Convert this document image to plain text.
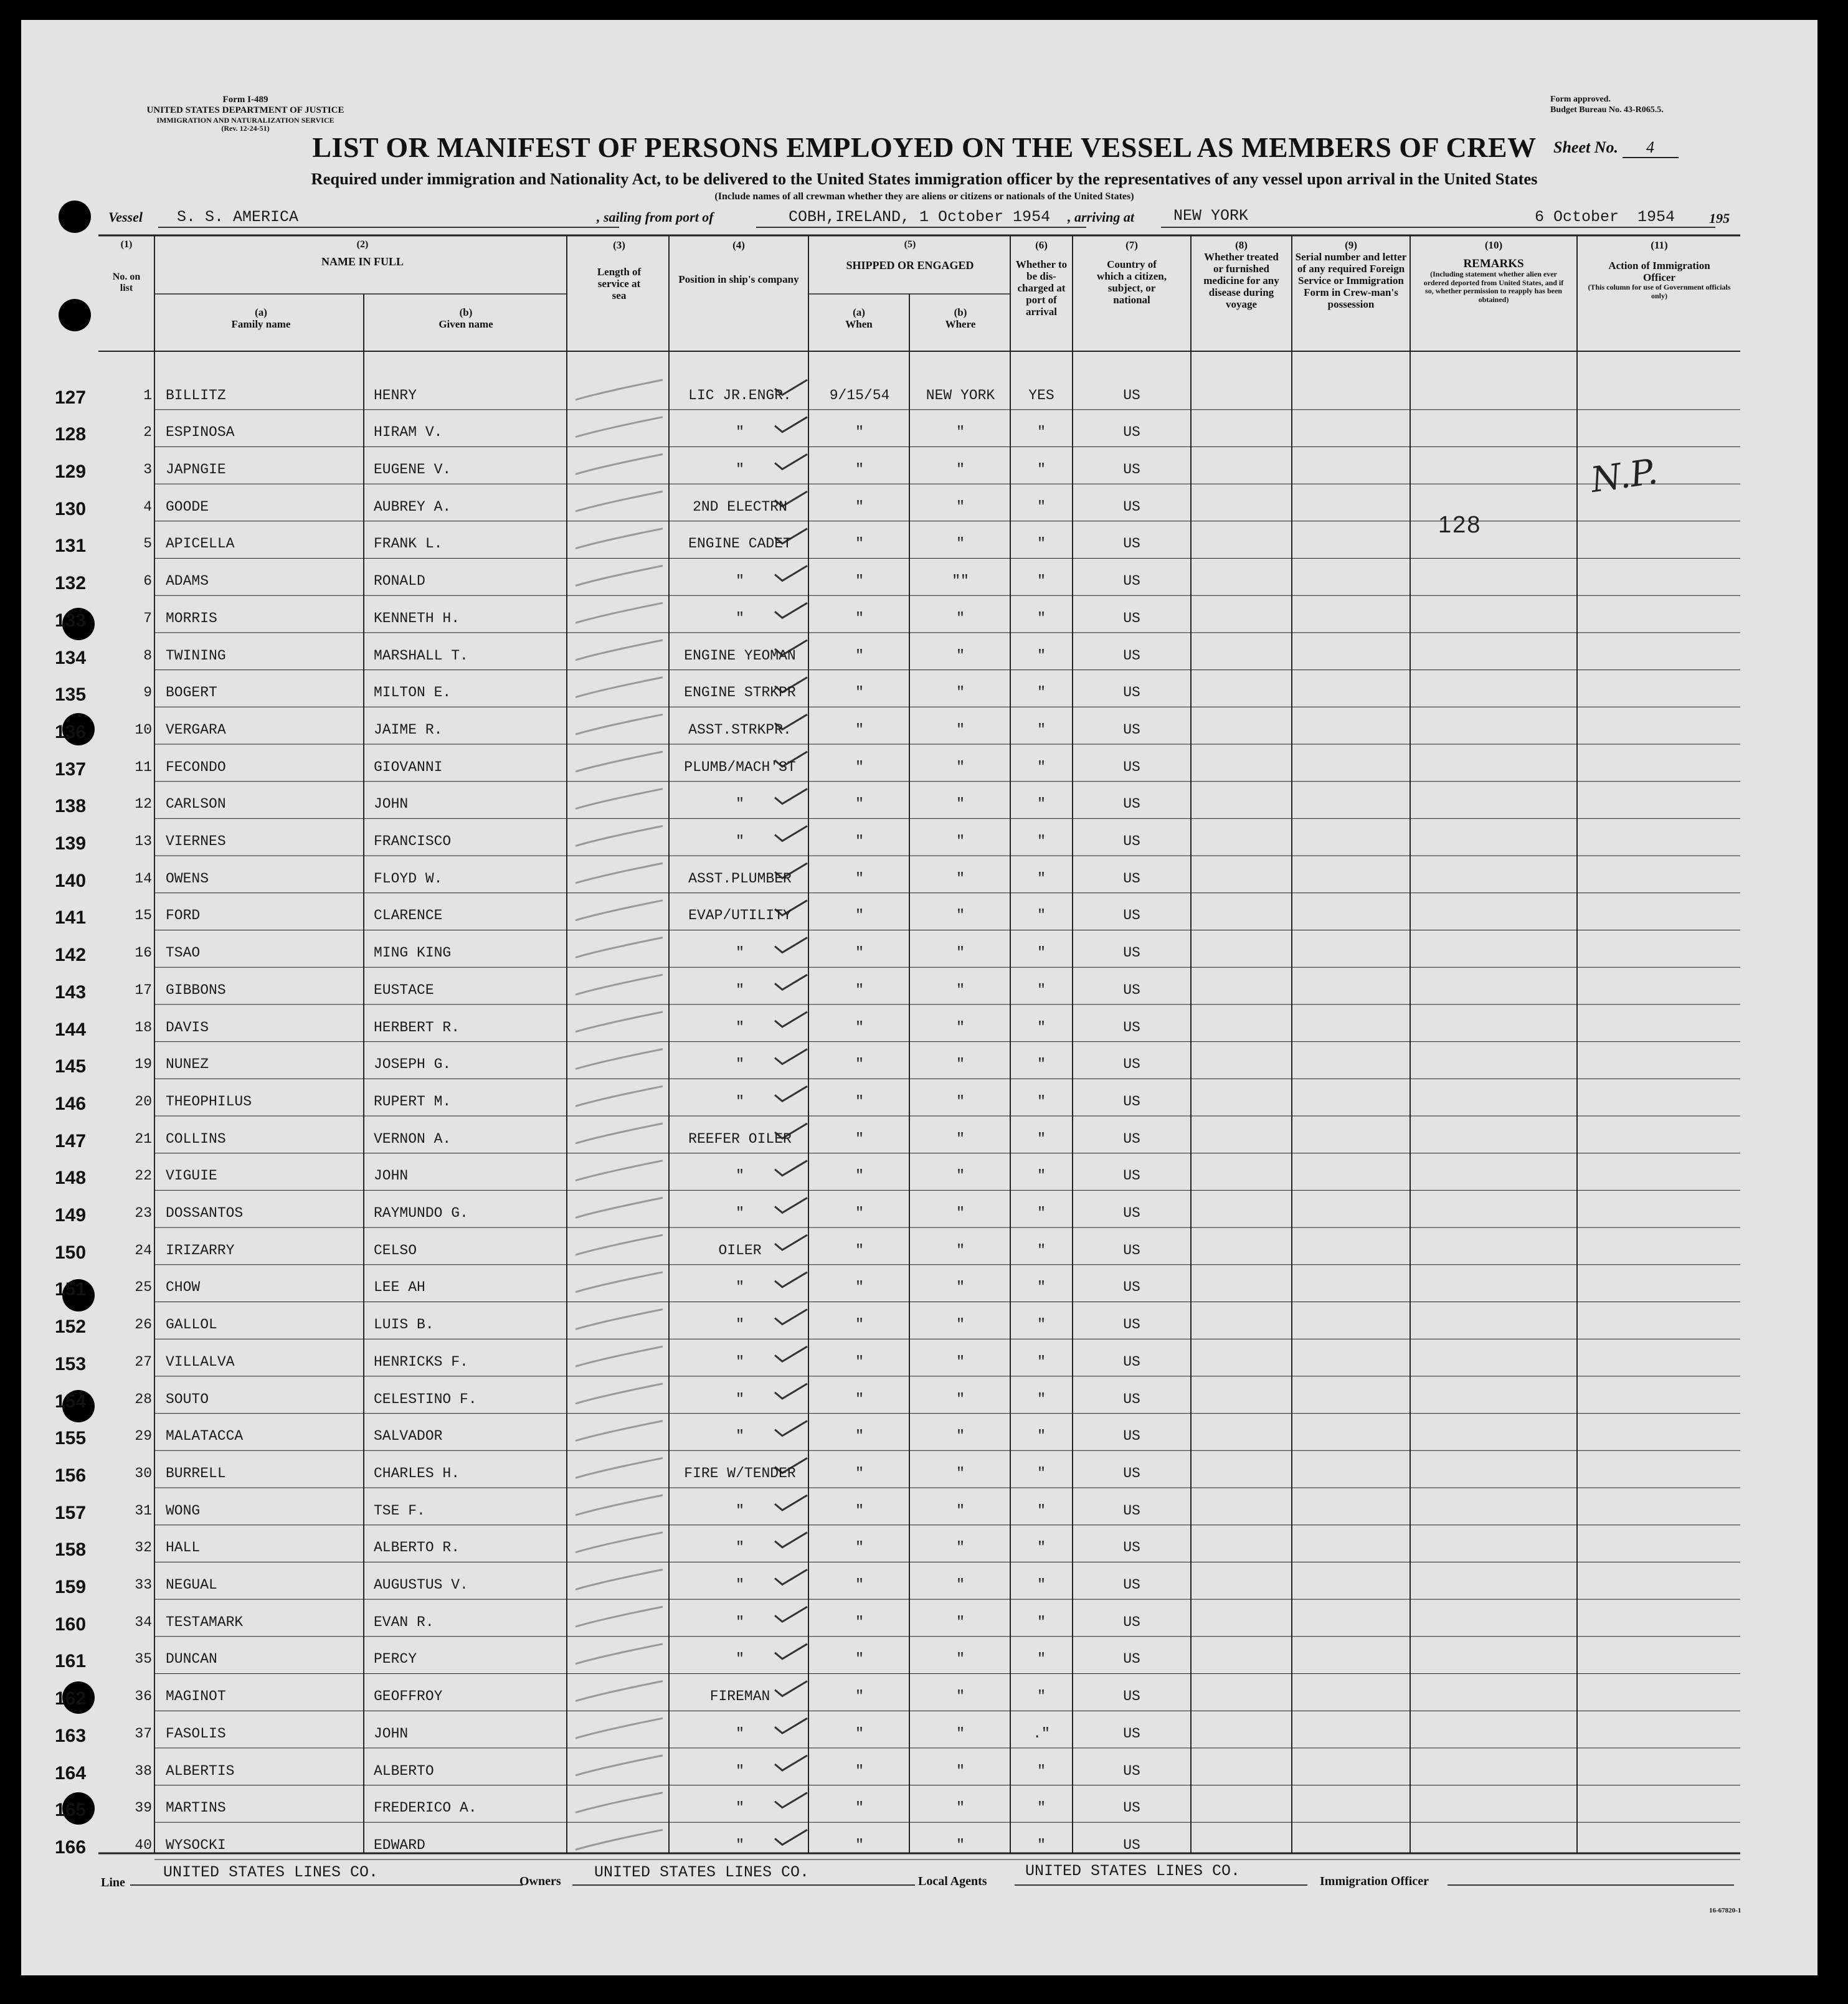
Form I-489
UNITED STATES DEPARTMENT OF JUSTICE
IMMIGRATION AND NATURALIZATION SERVICE
(Rev. 12-24-51)
Form approved.
Budget Bureau No. 43-R065.5.
LIST OR MANIFEST OF PERSONS EMPLOYED ON THE VESSEL AS MEMBERS OF CREW	Sheet No. 4
Required under immigration and Nationality Act, to be delivered to the United States immigration officer by the representatives of any vessel upon arrival in the United States
(Include names of all crewman whether they are aliens or citizens or nationals of the United States)
Vessel S. S. AMERICA	, sailing from port of	COBH,IRELAND, 1 October 1954 , arriving at	NEW YORK	6 October  1954 195
(1)
No. on list
(2)
NAME IN FULL
(a)
Family name
(b)
Given name
(3)
Length of service at sea
(4)
Position in ship's company
(5)
SHIPPED OR ENGAGED
(a)
When
(b)
Where
(6)
Whether to be dis-charged at port of arrival
(7)
Country of which a citizen, subject, or national
(8)
Whether treated or furnished medicine for any disease during voyage
(9)
Serial number and letter of any required Foreign Service or Immigration Form in Crew-man's possession
(10)
REMARKS
(Including statement whether alien ever ordered deported from United States, and if so, whether permission to reapply has been obtained)
(11)
Action of Immigration Officer
(This column for use of Government officials only)
127	1 BILLITZ	HENRY	LIC JR.ENGR.	9/15/54	NEW YORK	YES	US
128	2 ESPINOSA	HIRAM V.	"	"	"	"	US
129	3 JAPNGIE	EUGENE V.	"	"	"	"	US
130	4 GOODE	AUBREY A.	2ND ELECTRN	"	"	"	US
131	5 APICELLA	FRANK L.	ENGINE CADET	"	"	"	US
132	6 ADAMS	RONALD	"	"	""	"	US
133	7 MORRIS	KENNETH H.	"	"	"	"	US
134	8 TWINING	MARSHALL T.	ENGINE YEOMAN	"	"	"	US
135	9 BOGERT	MILTON E.	ENGINE STRKPR	"	"	"	US
136	10 VERGARA	JAIME R.	ASST.STRKPR.	"	"	"	US
137	11 FECONDO	GIOVANNI	PLUMB/MACH'ST	"	"	"	US
138	12 CARLSON	JOHN	"	"	"	"	US
139	13 VIERNES	FRANCISCO	"	"	"	"	US
140	14 OWENS	FLOYD W.	ASST.PLUMBER	"	"	"	US
141	15 FORD	CLARENCE	EVAP/UTILITY	"	"	"	US
142	16 TSAO	MING KING	"	"	"	"	US
143	17 GIBBONS	EUSTACE	"	"	"	"	US
144	18 DAVIS	HERBERT R.	"	"	"	"	US
145	19 NUNEZ	JOSEPH G.	"	"	"	"	US
146	20 THEOPHILUS	RUPERT M.	"	"	"	"	US
147	21 COLLINS	VERNON A.	REEFER OILER	"	"	"	US
148	22 VIGUIE	JOHN	"	"	"	"	US
149	23 DOSSANTOS	RAYMUNDO G.	"	"	"	"	US
150	24 IRIZARRY	CELSO	OILER	"	"	"	US
151	25 CHOW	LEE AH	"	"	"	"	US
152	26 GALLOL	LUIS B.	"	"	"	"	US
153	27 VILLALVA	HENRICKS F.	"	"	"	"	US
154	28 SOUTO	CELESTINO F.	"	"	"	"	US
155	29 MALATACCA	SALVADOR	"	"	"	"	US
156	30 BURRELL	CHARLES H.	FIRE W/TENDER	"	"	"	US
157	31 WONG	TSE F.	"	"	"	"	US
158	32 HALL	ALBERTO R.	"	"	"	"	US
159	33 NEGUAL	AUGUSTUS V.	"	"	"	"	US
160	34 TESTAMARK	EVAN R.	"	"	"	"	US
161	35 DUNCAN	PERCY	"	"	"	"	US
162	36 MAGINOT	GEOFFROY	FIREMAN	"	"	"	US
163	37 FASOLIS	JOHN	"	"	"	."	US
164	38 ALBERTIS	ALBERTO	"	"	"	"	US
165	39 MARTINS	FREDERICO A.	"	"	"	"	US
166	40 WYSOCKI	EDWARD	"	"	"	"	US
128
N.P.
Line
UNITED STATES LINES CO.	Owners UNITED STATES LINES CO.	Local Agents
UNITED STATES LINES CO.
Immigration Officer
16-67820-1
